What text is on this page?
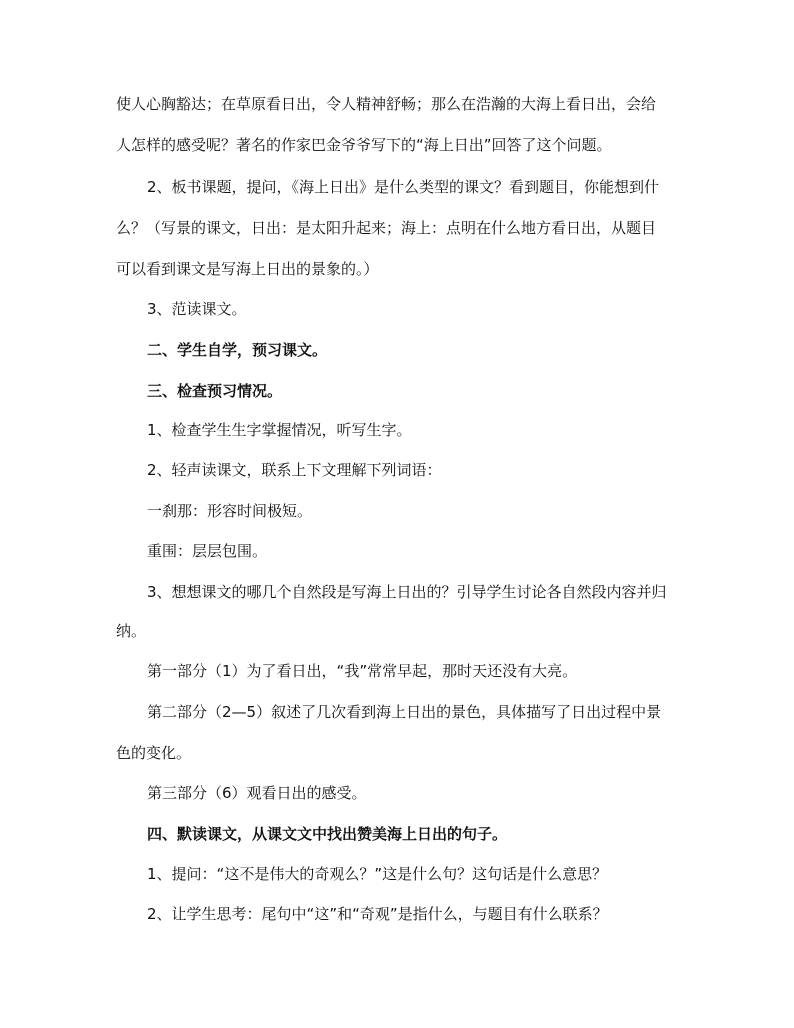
使人心胸豁达；在草原看日出，令人精神舒畅；那么在浩瀚的大海上看日出，会给
人怎样的感受呢？著名的作家巴金爷爷写下的“海上日出”回答了这个问题。
2、板书课题，提问，《海上日出》是什么类型的课文？看到题目，你能想到什
么？（写景的课文，日出：是太阳升起来；海上：点明在什么地方看日出，从题目
可以看到课文是写海上日出的景象的。）
3、范读课文。
二、学生自学，预习课文。
三、检查预习情况。
1、检查学生生字掌握情况，听写生字。
2、轻声读课文，联系上下文理解下列词语：
一刹那：形容时间极短。
重围：层层包围。
3、想想课文的哪几个自然段是写海上日出的？引导学生讨论各自然段内容并归
纳。
第一部分（1）为了看日出，“我”常常早起，那时天还没有大亮。
第二部分（2—5）叙述了几次看到海上日出的景色，具体描写了日出过程中景
色的变化。
第三部分（6）观看日出的感受。
四、默读课文，从课文文中找出赞美海上日出的句子。
1、提问：“这不是伟大的奇观么？”这是什么句？这句话是什么意思？
2、让学生思考：尾句中“这”和“奇观”是指什么，与题目有什么联系？
